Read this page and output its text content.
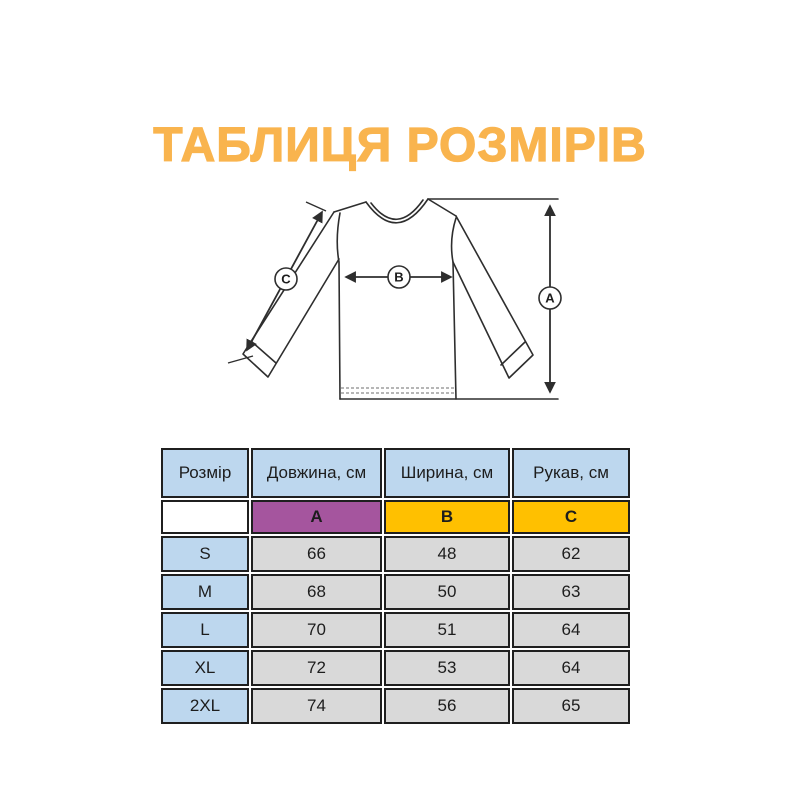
ТАБЛИЦЯ РОЗМІРІВ
A
B
C
Розмір	Довжина, см	Ширина, см	Рукав, см
	A	B	C
S	66	48	62
M	68	50	63
L	70	51	64
XL	72	53	64
2XL	74	56	65
